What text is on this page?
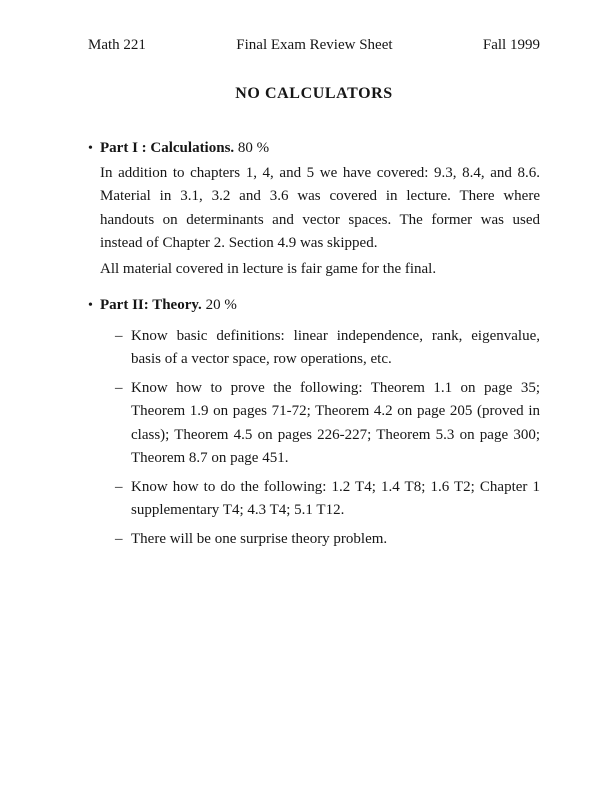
Math 221	Final Exam Review Sheet	Fall 1999
NO CALCULATORS
• Part I : Calculations. 80 %

In addition to chapters 1, 4, and 5 we have covered: 9.3, 8.4, and 8.6. Material in 3.1, 3.2 and 3.6 was covered in lecture. There where handouts on determinants and vector spaces. The former was used instead of Chapter 2. Section 4.9 was skipped.

All material covered in lecture is fair game for the final.

• Part II: Theory. 20 %
– Know basic definitions: linear independence, rank, eigenvalue, basis of a vector space, row operations, etc.
– Know how to prove the following: Theorem 1.1 on page 35; Theorem 1.9 on pages 71-72; Theorem 4.2 on page 205 (proved in class); Theorem 4.5 on pages 226-227; Theorem 5.3 on page 300; Theorem 8.7 on page 451.
– Know how to do the following: 1.2 T4; 1.4 T8; 1.6 T2; Chapter 1 supplementary T4; 4.3 T4; 5.1 T12.
– There will be one surprise theory problem.
